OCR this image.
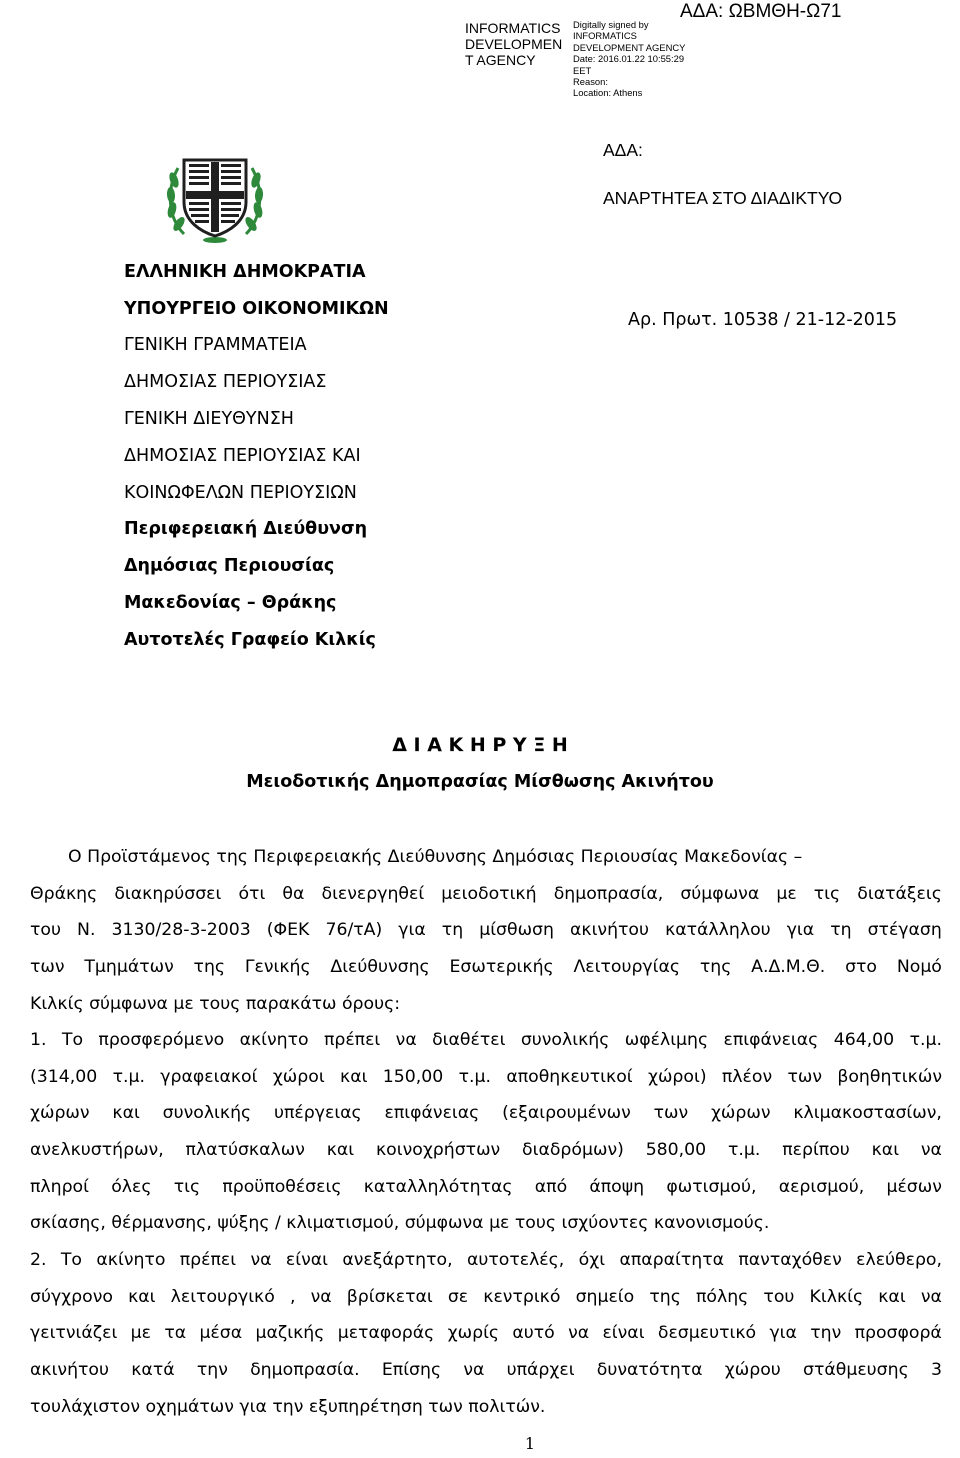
INFORMATICS
DEVELOPMEN
T AGENCY
Digitally signed by
INFORMATICS
DEVELOPMENT AGENCY
Date: 2016.01.22 10:55:29
EET
Reason:
Location: Athens
ΑΔΑ: ΩΒΜΘΗ-Ω71
ΑΔΑ:
ΑΝΑΡΤΗΤΕΑ ΣΤΟ ΔΙΑΔΙΚΤΥΟ
Αρ. Πρωτ. 10538 / 21-12-2015
ΕΛΛΗΝΙΚΗ ΔΗΜΟΚΡΑΤΙΑ
ΥΠΟΥΡΓΕΙΟ ΟΙΚΟΝΟΜΙΚΩΝ
ΓΕΝΙΚΗ ΓΡΑΜΜΑΤΕΙΑ
ΔΗΜΟΣΙΑΣ ΠΕΡΙΟΥΣΙΑΣ
ΓΕΝΙΚΗ ΔΙΕΥΘΥΝΣΗ
ΔΗΜΟΣΙΑΣ ΠΕΡΙΟΥΣΙΑΣ ΚΑΙ
ΚΟΙΝΩΦΕΛΩΝ ΠΕΡΙΟΥΣΙΩΝ
Περιφερειακή Διεύθυνση
Δημόσιας Περιουσίας
Μακεδονίας – Θράκης
Αυτοτελές Γραφείο Κιλκίς
Δ Ι Α Κ Η Ρ Υ Ξ Η
Μειοδοτικής Δημοπρασίας Μίσθωσης Ακινήτου
Ο Προϊστάμενος της Περιφερειακής Διεύθυνσης Δημόσιας Περιουσίας Μακεδονίας –
Θράκης διακηρύσσει ότι θα διενεργηθεί μειοδοτική δημοπρασία, σύμφωνα με τις διατάξεις
του Ν. 3130/28-3-2003 (ΦΕΚ 76/τΑ) για τη μίσθωση ακινήτου κατάλληλου για τη στέγαση
των Τμημάτων της Γενικής Διεύθυνσης Εσωτερικής Λειτουργίας της Α.Δ.Μ.Θ. στο Νομό
Κιλκίς σύμφωνα με τους παρακάτω όρους:
1. Το προσφερόμενο ακίνητο πρέπει να διαθέτει συνολικής ωφέλιμης επιφάνειας 464,00 τ.μ.
(314,00 τ.μ. γραφειακοί χώροι και 150,00 τ.μ. αποθηκευτικοί χώροι) πλέον των βοηθητικών
χώρων και συνολικής υπέργειας επιφάνειας (εξαιρουμένων των χώρων κλιμακοστασίων,
ανελκυστήρων, πλατύσκαλων και κοινοχρήστων διαδρόμων) 580,00 τ.μ. περίπου και να
πληροί όλες τις προϋποθέσεις καταλληλότητας από άποψη φωτισμού, αερισμού, μέσων
σκίασης, θέρμανσης, ψύξης / κλιματισμού, σύμφωνα με τους ισχύοντες κανονισμούς.
2. Το ακίνητο πρέπει να είναι ανεξάρτητο, αυτοτελές, όχι απαραίτητα πανταχόθεν ελεύθερο,
σύγχρονο και λειτουργικό , να βρίσκεται σε κεντρικό σημείο της πόλης του Κιλκίς και να
γειτνιάζει με τα μέσα μαζικής μεταφοράς χωρίς αυτό να είναι δεσμευτικό για την προσφορά
ακινήτου κατά την δημοπρασία. Επίσης να υπάρχει δυνατότητα χώρου στάθμευσης 3
τουλάχιστον οχημάτων για την εξυπηρέτηση των πολιτών.
1
